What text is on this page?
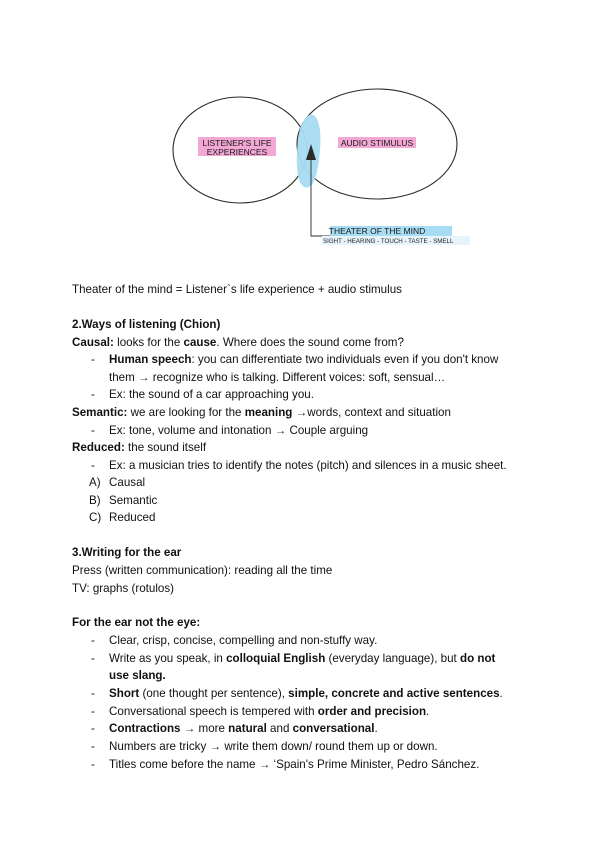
LISTENER'S LIFE
EXPERIENCES
AUDIO STIMULUS
THEATER OF THE MIND
SIGHT - HEARING - TOUCH - TASTE - SMELL
Theater of the mind = Listener`s life experience + audio stimulus
2.Ways of listening (Chion)
Causal: looks for the cause. Where does the sound come from?
- Human speech: you can differentiate two individuals even if you don't know
them → recognize who is talking. Different voices: soft, sensual…
- Ex: the sound of a car approaching you.
Semantic: we are looking for the meaning →words, context and situation
- Ex: tone, volume and intonation → Couple arguing
Reduced: the sound itself
- Ex: a musician tries to identify the notes (pitch) and silences in a music sheet.
A) Causal
B) Semantic
C) Reduced
3.Writing for the ear
Press (written communication): reading all the time
TV: graphs (rotulos)
For the ear not the eye:
- Clear, crisp, concise, compelling and non-stuffy way.
- Write as you speak, in colloquial English (everyday language), but do not
use slang.
- Short (one thought per sentence), simple, concrete and active sentences.
- Conversational speech is tempered with order and precision.
- Contractions → more natural and conversational.
- Numbers are tricky → write them down/ round them up or down.
- Titles come before the name → ‘Spain's Prime Minister, Pedro Sánchez.
